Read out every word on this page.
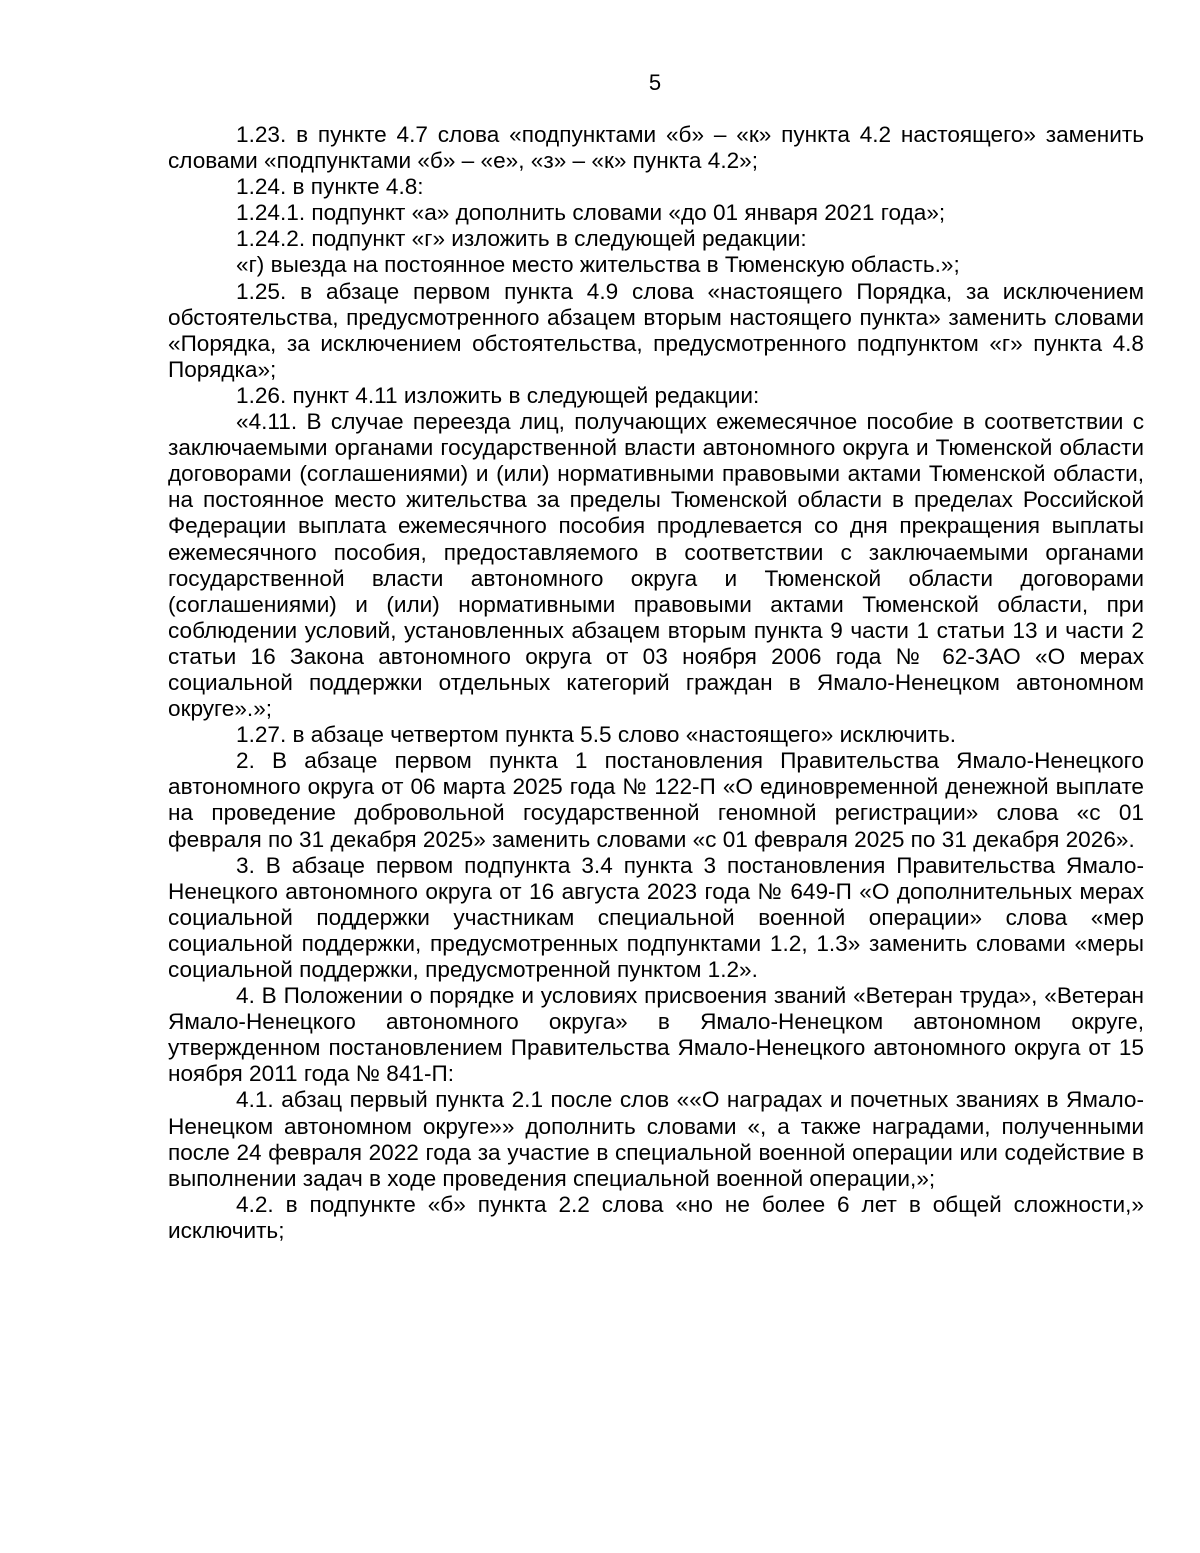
5

1.23. в пункте 4.7 слова «подпунктами «б» – «к» пункта 4.2 настоящего» заменить словами «подпунктами «б» – «е», «з» – «к» пункта 4.2»;

1.24. в пункте 4.8:

1.24.1. подпункт «а» дополнить словами «до 01 января 2021 года»;

1.24.2. подпункт «г» изложить в следующей редакции:

«г) выезда на постоянное место жительства в Тюменскую область.»;

1.25. в абзаце первом пункта 4.9 слова «настоящего Порядка, за исключением обстоятельства, предусмотренного абзацем вторым настоящего пункта» заменить словами «Порядка, за исключением обстоятельства, предусмотренного подпунктом «г» пункта 4.8 Порядка»;

1.26. пункт 4.11 изложить в следующей редакции:

«4.11. В случае переезда лиц, получающих ежемесячное пособие в соответствии с заключаемыми органами государственной власти автономного округа и Тюменской области договорами (соглашениями) и (или) нормативными правовыми актами Тюменской области, на постоянное место жительства за пределы Тюменской области в пределах Российской Федерации выплата ежемесячного пособия продлевается со дня прекращения выплаты ежемесячного пособия, предоставляемого в соответствии с заключаемыми органами государственной власти автономного округа и Тюменской области договорами (соглашениями) и (или) нормативными правовыми актами Тюменской области, при соблюдении условий, установленных абзацем вторым пункта 9 части 1 статьи 13 и части 2 статьи 16 Закона автономного округа от 03 ноября 2006 года № 62-ЗАО «О мерах социальной поддержки отдельных категорий граждан в Ямало-Ненецком автономном округе».»;

1.27. в абзаце четвертом пункта 5.5 слово «настоящего» исключить.

2. В абзаце первом пункта 1 постановления Правительства Ямало-Ненецкого автономного округа от 06 марта 2025 года № 122-П «О единовременной денежной выплате на проведение добровольной государственной геномной регистрации» слова «с 01 февраля по 31 декабря 2025» заменить словами «с 01 февраля 2025 по 31 декабря 2026».

3. В абзаце первом подпункта 3.4 пункта 3 постановления Правительства Ямало-Ненецкого автономного округа от 16 августа 2023 года № 649-П «О дополнительных мерах социальной поддержки участникам специальной военной операции» слова «мер социальной поддержки, предусмотренных подпунктами 1.2, 1.3» заменить словами «меры социальной поддержки, предусмотренной пунктом 1.2».

4. В Положении о порядке и условиях присвоения званий «Ветеран труда», «Ветеран Ямало-Ненецкого автономного округа» в Ямало-Ненецком автономном округе, утвержденном постановлением Правительства Ямало-Ненецкого автономного округа от 15 ноября 2011 года № 841-П:

4.1. абзац первый пункта 2.1 после слов ««О наградах и почетных званиях в Ямало-Ненецком автономном округе»» дополнить словами «, а также наградами, полученными после 24 февраля 2022 года за участие в специальной военной операции или содействие в выполнении задач в ходе проведения специальной военной операции,»;

4.2. в подпункте «б» пункта 2.2 слова «но не более 6 лет в общей сложности,» исключить;
